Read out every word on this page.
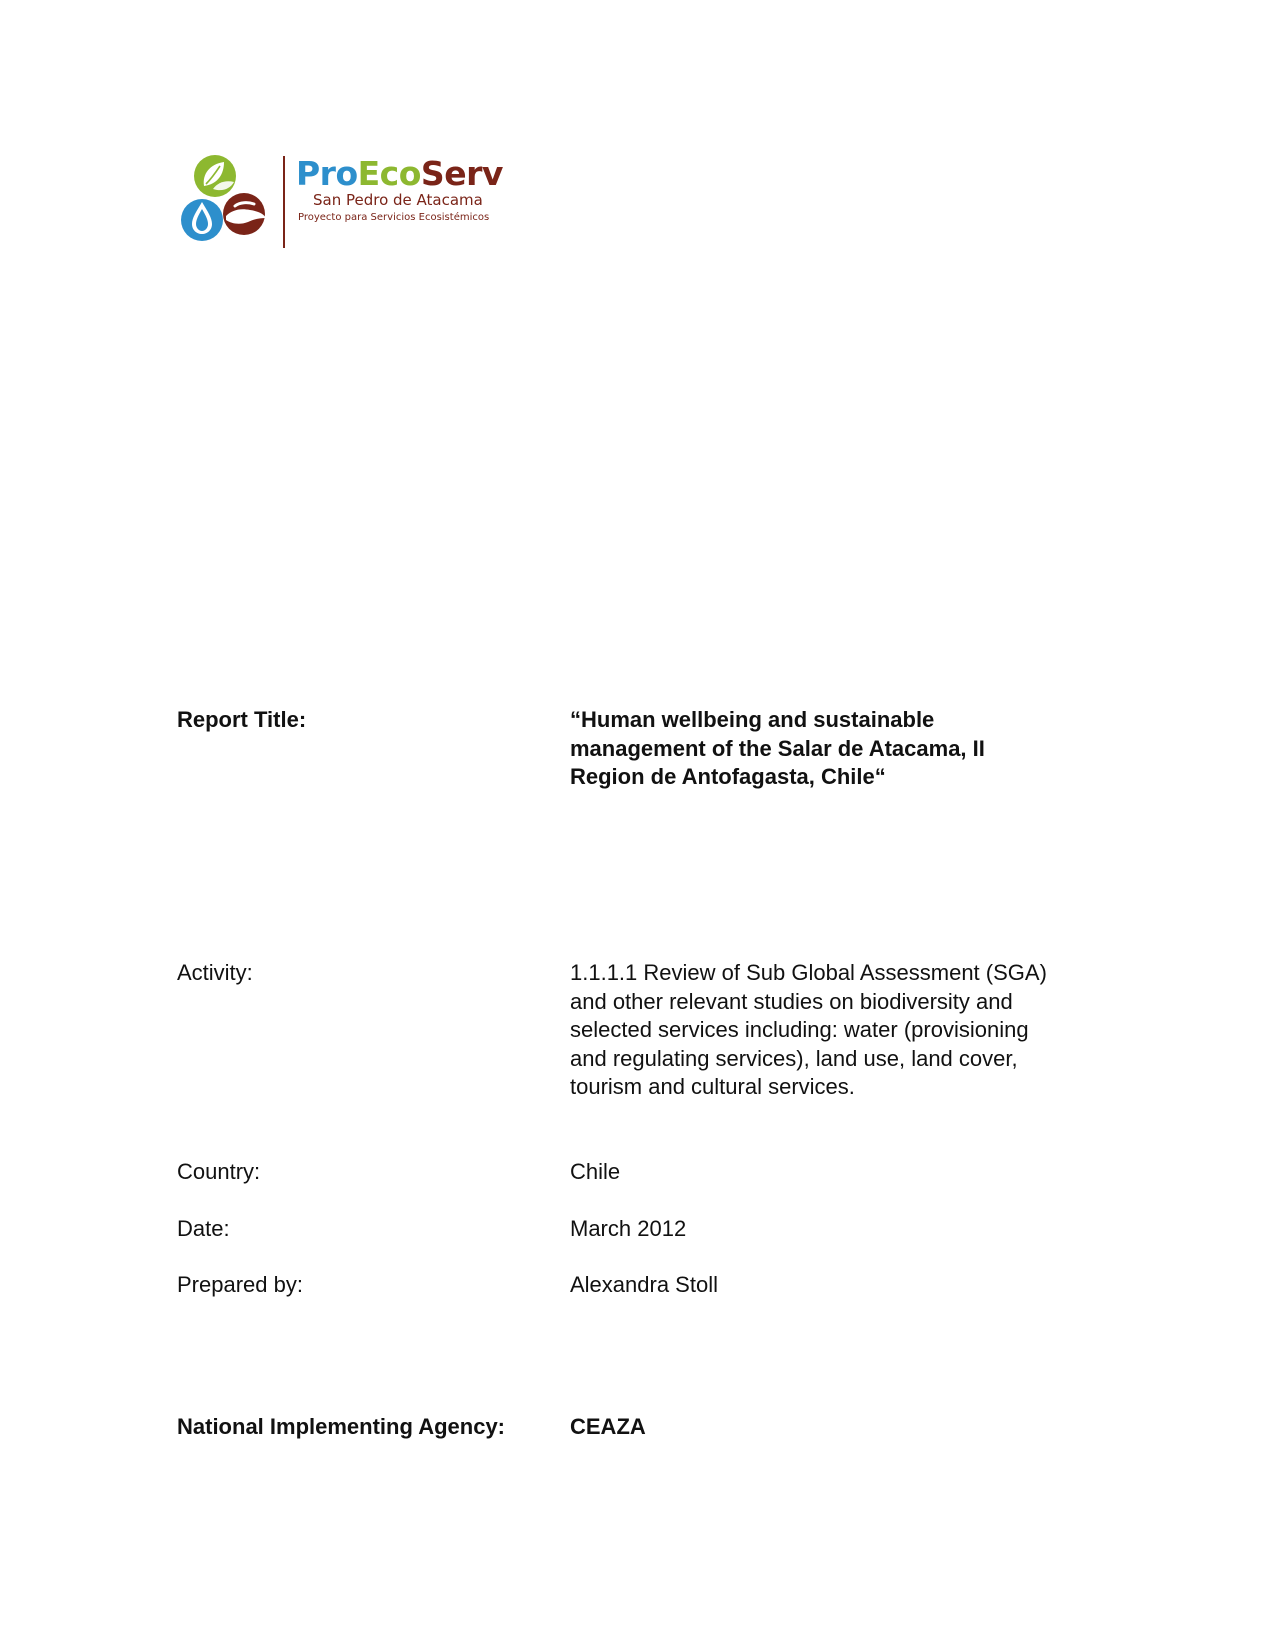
ProEcoServ
San Pedro de Atacama
Proyecto para Servicios Ecosistémicos
Report Title:	“Human wellbeing and sustainable management of the Salar de Atacama, II Region de Antofagasta, Chile“
Activity:	1.1.1.1 Review of Sub Global Assessment (SGA) and other relevant studies on biodiversity and selected services including: water (provisioning and regulating services), land use, land cover, tourism and cultural services.
Country:	Chile
Date:	March 2012
Prepared by:	Alexandra Stoll
National Implementing Agency:	CEAZA
